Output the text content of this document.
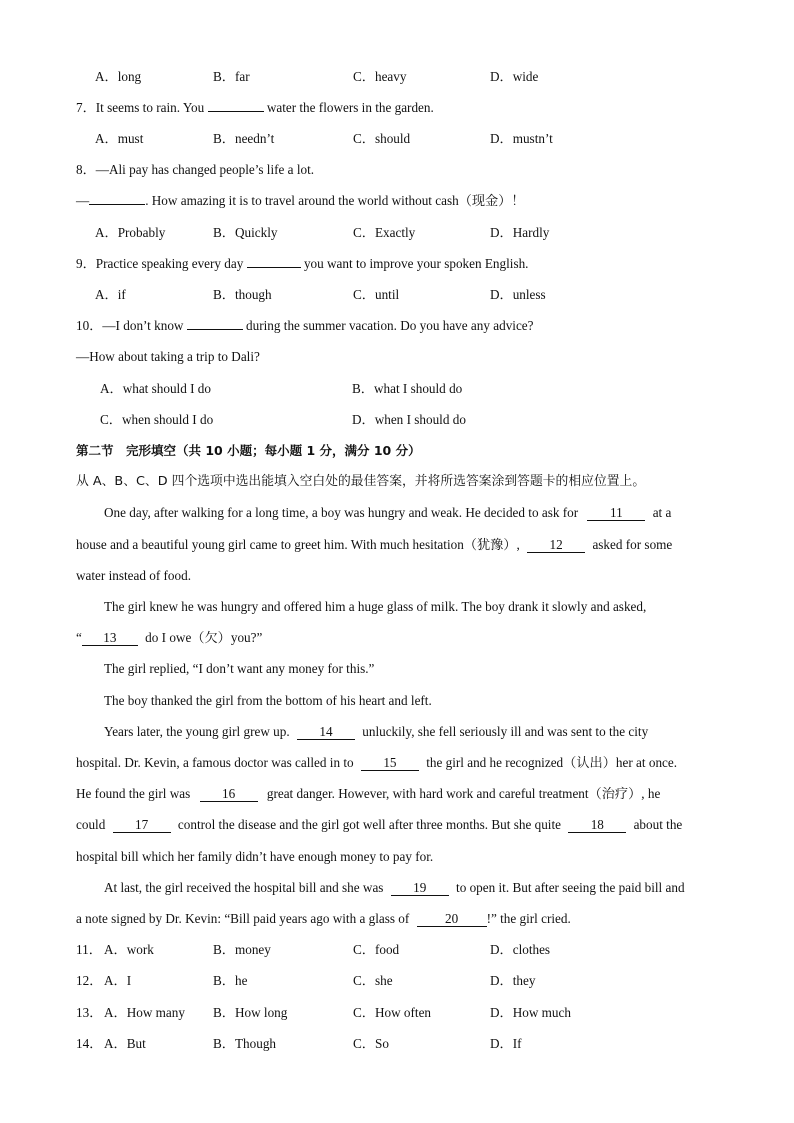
A．long	B．far	C．heavy	D．wide
7．It seems to rain. You	water the flowers in the garden.
A．must	B．needn’t	C．should	D．mustn’t
8．—Ali pay has changed people’s life a lot.
—	. How amazing it is to travel around the world without cash（现金）！
A．Probably	B．Quickly	C．Exactly	D．Hardly
9．Practice speaking every day	you want to improve your spoken English.
A．if	B．though	C．until	D．unless
10．—I don’t know	during the summer vacation. Do you have any advice?
—How about taking a trip to Dali?
A．what should I do	B．what I should do
C．when should I do	D．when I should do
第二节　完形填空（共 10 小题；每小题 1 分，满分 10 分）
从 A、B、C、D 四个选项中选出能填入空白处的最佳答案，并将所选答案涂到答题卡的相应位置上。
One day, after walking for a long time, a boy was hungry and weak. He decided to ask for 11 at a
house and a beautiful young girl came to greet him. With much hesitation（犹豫）, 12 asked for some
water instead of food.
The girl knew he was hungry and offered him a huge glass of milk. The boy drank it slowly and asked,
“ 13 do I owe（欠）you?”
The girl replied, “I don’t want any money for this.”
The boy thanked the girl from the bottom of his heart and left.
Years later, the young girl grew up. 14 unluckily, she fell seriously ill and was sent to the city
hospital. Dr. Kevin, a famous doctor was called in to 15 the girl and he recognized（认出）her at once.
He found the girl was 16 great danger. However, with hard work and careful treatment（治疗）, he
could 17 control the disease and the girl got well after three months. But she quite 18 about the
hospital bill which her family didn’t have enough money to pay for.
At last, the girl received the hospital bill and she was 19 to open it. But after seeing the paid bill and
a note signed by Dr. Kevin: “Bill paid years ago with a glass of	20 !” the girl cried.
11． A．work	B．money	C．food	D．clothes
12． A．I	B．he	C．she	D．they
13． A．How many B．How long	C．How often	D．How much
14． A．But	B．Though	C．So	D．If
